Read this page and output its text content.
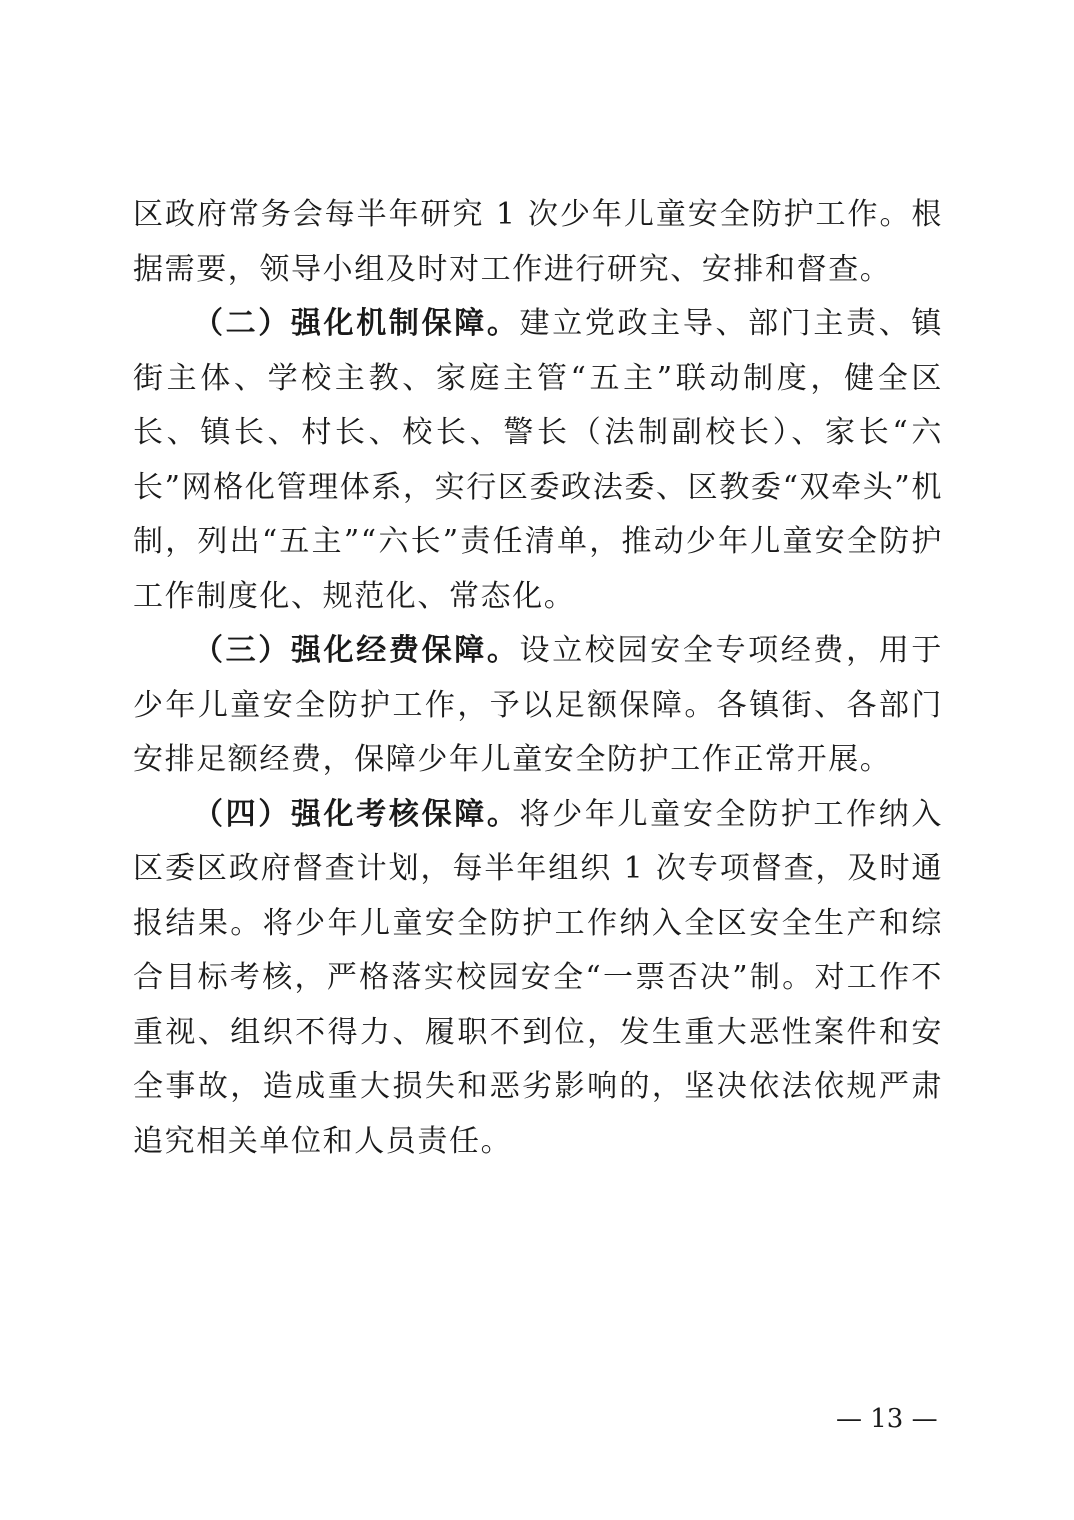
区政府常务会每半年研究 1 次少年儿童安全防护工作。根据需要，领导小组及时对工作进行研究、安排和督查。

（二）强化机制保障。建立党政主导、部门主责、镇街主体、学校主教、家庭主管“五主”联动制度，健全区长、镇长、村长、校长、警长（法制副校长）、家长“六长”网格化管理体系，实行区委政法委、区教委“双牵头”机制，列出“五主”“六长”责任清单，推动少年儿童安全防护工作制度化、规范化、常态化。

（三）强化经费保障。设立校园安全专项经费，用于少年儿童安全防护工作，予以足额保障。各镇街、各部门安排足额经费，保障少年儿童安全防护工作正常开展。

（四）强化考核保障。将少年儿童安全防护工作纳入区委区政府督查计划，每半年组织 1 次专项督查，及时通报结果。将少年儿童安全防护工作纳入全区安全生产和综合目标考核，严格落实校园安全“一票否决”制。对工作不重视、组织不得力、履职不到位，发生重大恶性案件和安全事故，造成重大损失和恶劣影响的，坚决依法依规严肃追究相关单位和人员责任。

— 13 —
